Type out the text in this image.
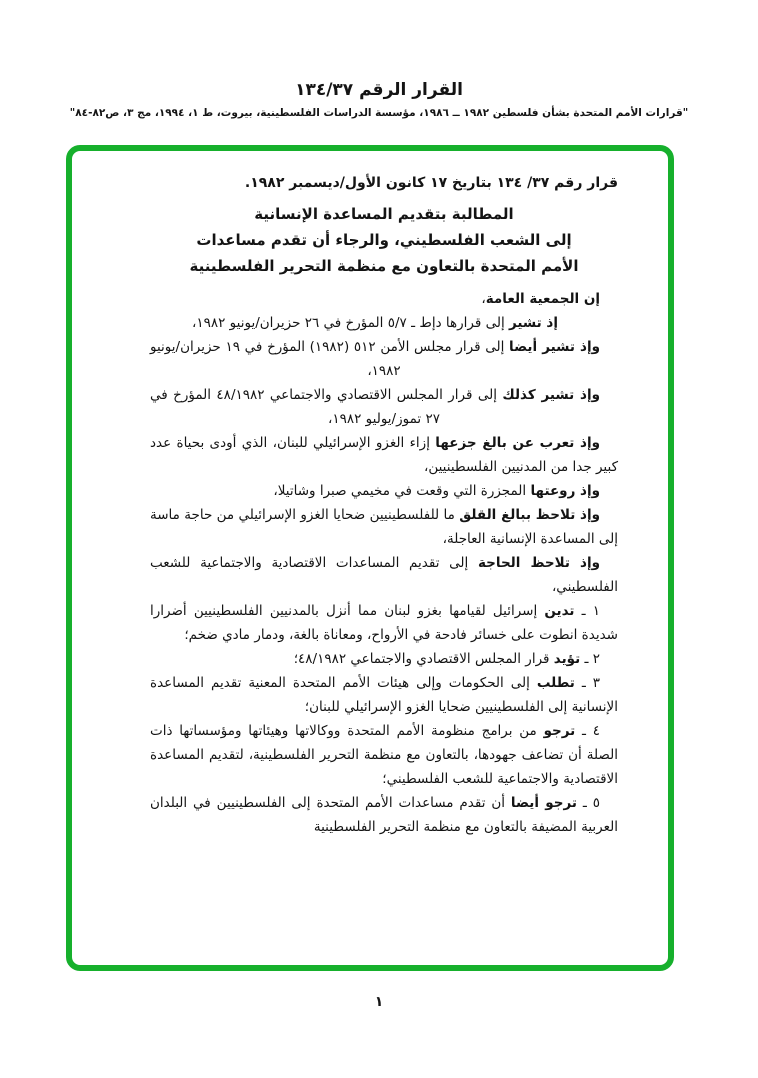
القرار الرقم ٣٧‏/‏١٣٤
"قرارات الأمم المتحدة بشأن فلسطين ١٩٨٢ ــ ١٩٨٦، مؤسسة الدراسات الفلسطينية، بيروت، ط ١، ١٩٩٤، مج ٣، ص٨٢‏-‏٨٤"

قرار رقم ٣٧‏/‏ ‏١٣٤ بتاريخ ١٧ كانون الأول/ديسمبر ١٩٨٢.

المطالبة بتقديم المساعدة الإنسانية
إلى الشعب الفلسطيني، والرجاء أن تقدم مساعدات
الأمم المتحدة بالتعاون مع منظمة التحرير الفلسطينية

إن الجمعية العامة،

إذ تشير إلى قرارها دإط ـ ٧‏/‏٥ المؤرخ في ٢٦ حزيران/يونيو ١٩٨٢،

وإذ تشير أيضا إلى قرار مجلس الأمن ٥١٢ (١٩٨٢) المؤرخ في ١٩ حزيران/يونيو ١٩٨٢،

وإذ تشير كذلك إلى قرار المجلس الاقتصادي والاجتماعي ١٩٨٢‏/‏٤٨ المؤرخ في ٢٧ تموز/يوليو ١٩٨٢،

وإذ تعرب عن بالغ جزعها إزاء الغزو الإسرائيلي للبنان، الذي أودى بحياة عدد كبير جدا من المدنيين الفلسطينيين،

وإذ روعتها المجزرة التي وقعت في مخيمي صبرا وشاتيلا،

وإذ تلاحظ ببالغ القلق ما للفلسطينيين ضحايا الغزو الإسرائيلي من حاجة ماسة إلى المساعدة الإنسانية العاجلة،

وإذ تلاحظ الحاجة إلى تقديم المساعدات الاقتصادية والاجتماعية للشعب الفلسطيني،

١ ـ تدين إسرائيل لقيامها بغزو لبنان مما أنزل بالمدنيين الفلسطينيين أضرارا شديدة انطوت على خسائر فادحة في الأرواح، ومعاناة بالغة، ودمار مادي ضخم؛

٢ ـ تؤيد قرار المجلس الاقتصادي والاجتماعي ١٩٨٢‏/‏٤٨؛

٣ ـ تطلب إلى الحكومات وإلى هيئات الأمم المتحدة المعنية تقديم المساعدة الإنسانية إلى الفلسطينيين ضحايا الغزو الإسرائيلي للبنان؛

٤ ـ ترجو من برامج منظومة الأمم المتحدة ووكالاتها وهيئاتها ومؤسساتها ذات الصلة أن تضاعف جهودها، بالتعاون مع منظمة التحرير الفلسطينية، لتقديم المساعدة الاقتصادية والاجتماعية للشعب الفلسطيني؛

٥ ـ ترجو أيضا أن تقدم مساعدات الأمم المتحدة إلى الفلسطينيين في البلدان العربية المضيفة بالتعاون مع منظمة التحرير الفلسطينية

١
